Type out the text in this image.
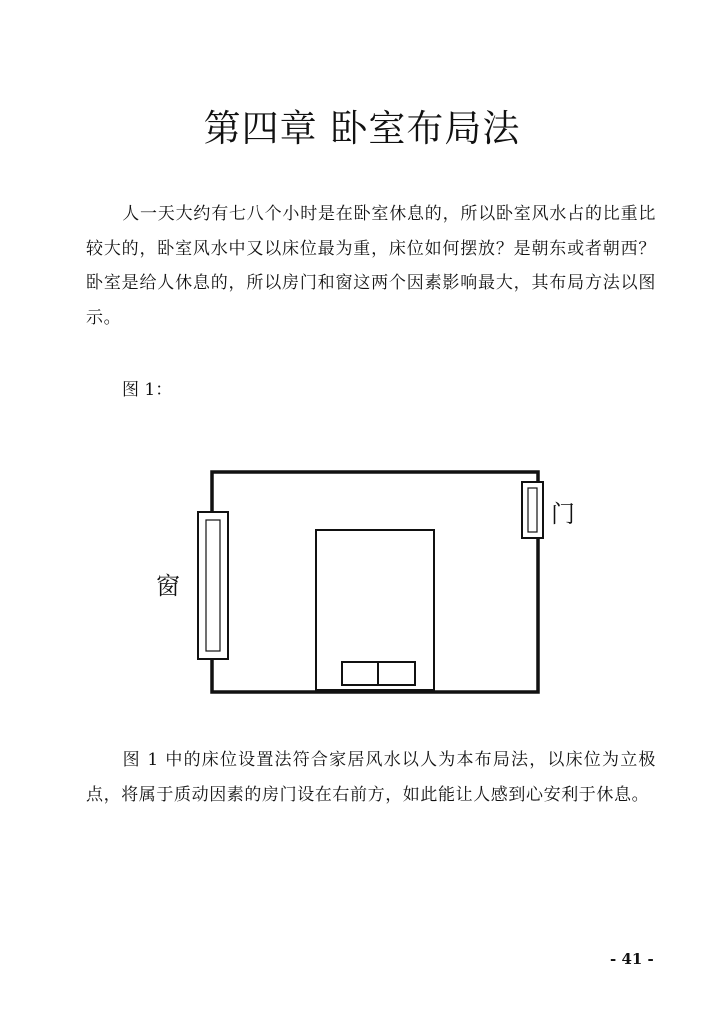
第四章 卧室布局法
人一天大约有七八个小时是在卧室休息的，所以卧室风水占的比重比较大的，卧室风水中又以床位最为重，床位如何摆放？是朝东或者朝西？卧室是给人休息的，所以房门和窗这两个因素影响最大，其布局方法以图示。
图 1：
窗
门
图 1 中的床位设置法符合家居风水以人为本布局法，以床位为立极点，将属于质动因素的房门设在右前方，如此能让人感到心安利于休息。
- 41 -
